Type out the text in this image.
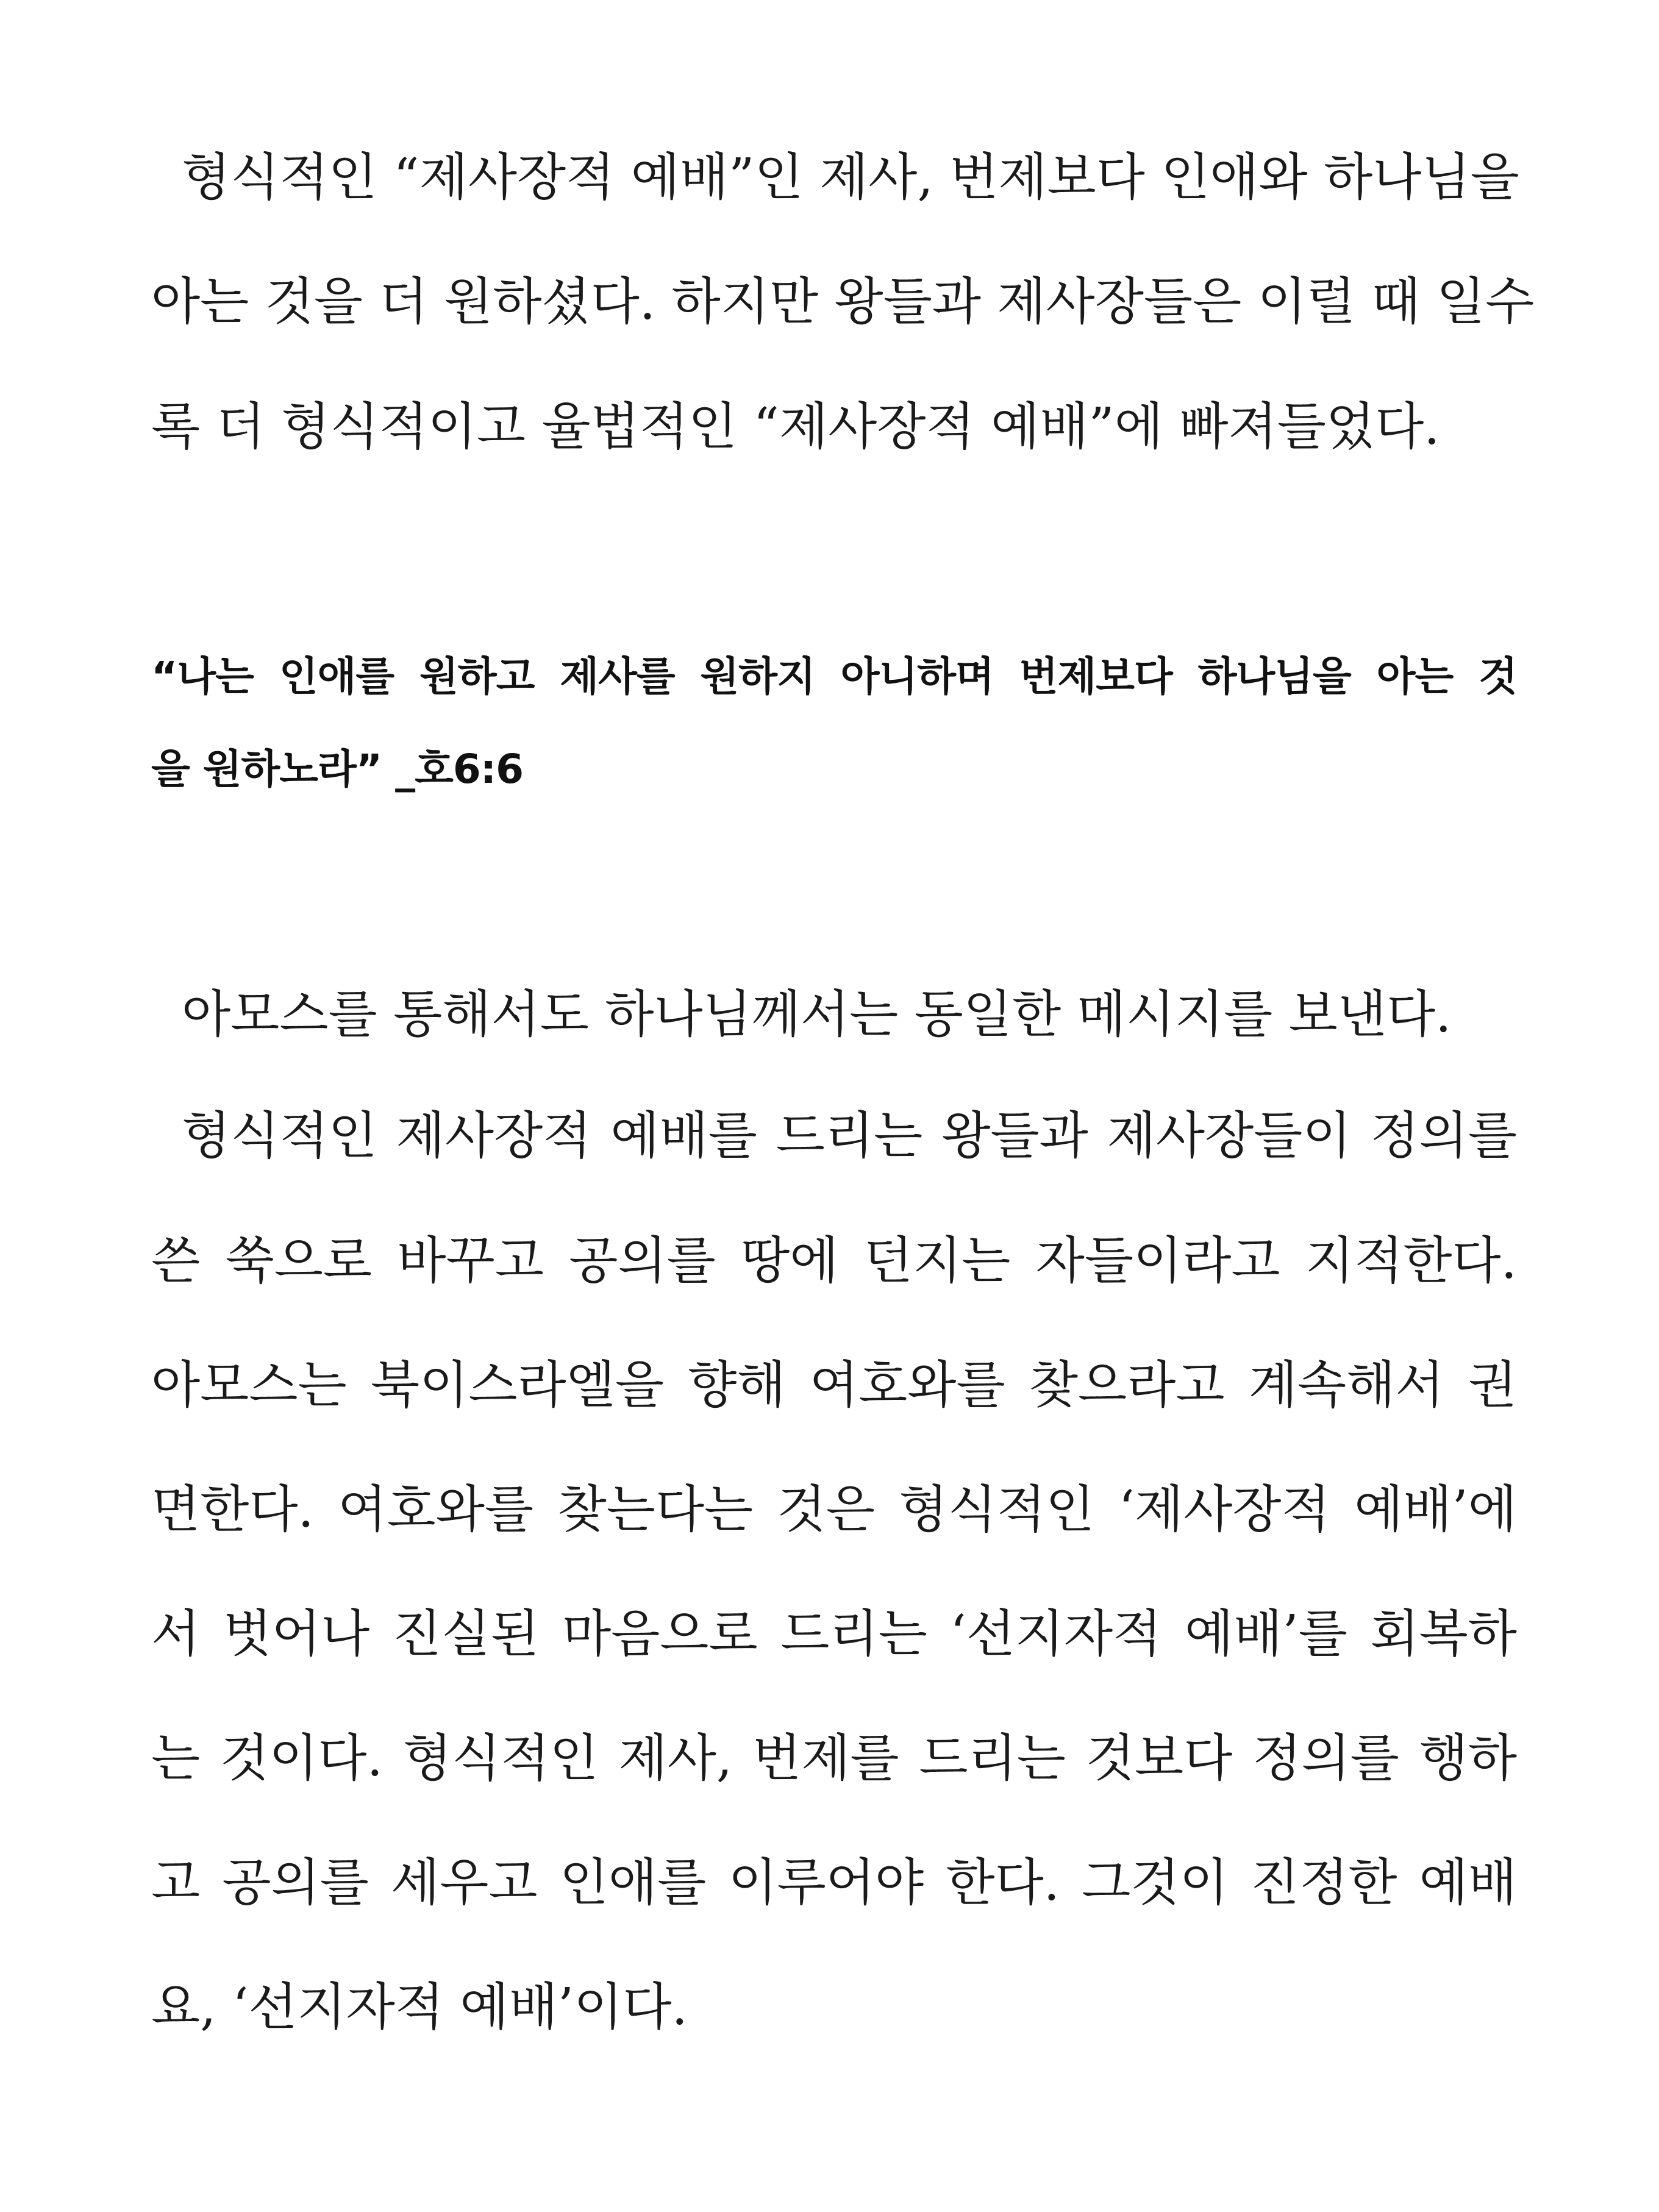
형식적인 “제사장적 예배”인 제사, 번제보다 인애와 하나님을
아는 것을 더 원하셨다. 하지만 왕들과 제사장들은 이럴 때 일수
록 더 형식적이고 율법적인 “제사장적 예배”에 빠져들었다.
“나는 인애를 원하고 제사를 원하지 아니하며 번제보다 하나님을 아는 것
을 원하노라” _호6:6
아모스를 통해서도 하나님께서는 동일한 메시지를 보낸다.
형식적인 제사장적 예배를 드리는 왕들과 제사장들이 정의를
쓴 쑥으로 바꾸고 공의를 땅에 던지는 자들이라고 지적한다.
아모스는 북이스라엘을 향해 여호와를 찾으라고 계속해서 권
면한다. 여호와를 찾는다는 것은 형식적인 ‘제사장적 예배’에
서 벗어나 진실된 마음으로 드리는 ‘선지자적 예배’를 회복하
는 것이다. 형식적인 제사, 번제를 드리는 것보다 정의를 행하
고 공의를 세우고 인애를 이루어야 한다. 그것이 진정한 예배
요, ‘선지자적 예배’이다.
